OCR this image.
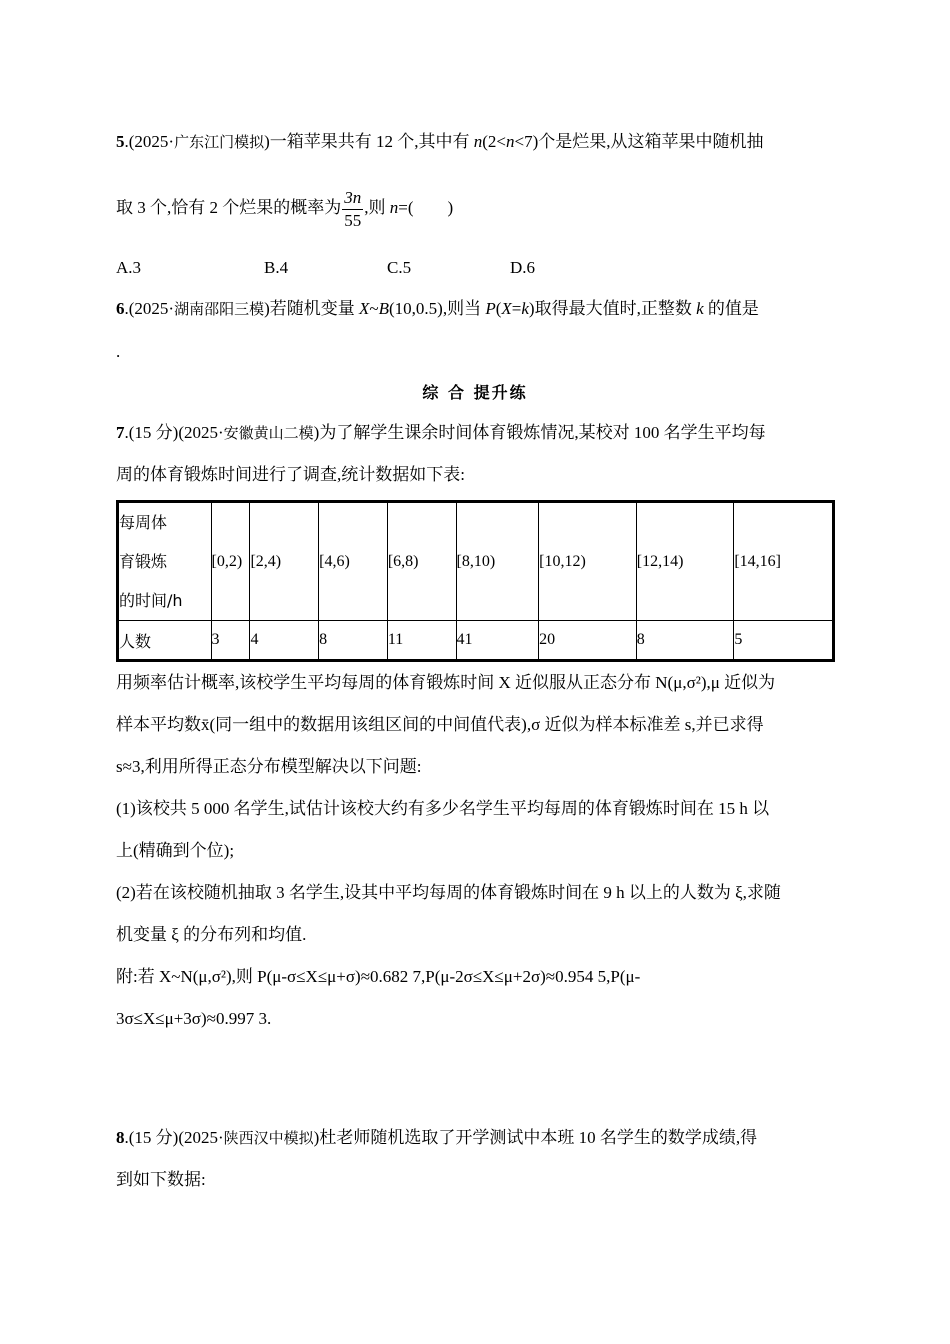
5.(2025·广东江门模拟)一箱苹果共有 12 个,其中有 n(2<n<7)个是烂果,从这箱苹果中随机抽
取 3 个,恰有 2 个烂果的概率为 $\frac{3n}{55}$ ,则 n=(　　)
A.3	B.4	C.5	D.6
6.(2025·湖南邵阳三模)若随机变量 X~B(10,0.5),则当 P(X=k)取得最大值时,正整数 k 的值是
.
综 合 提升练
7.(15 分)(2025·安徽黄山二模)为了解学生课余时间体育锻炼情况,某校对 100 名学生平均每
周的体育锻炼时间进行了调查,统计数据如下表:
每周体
育锻炼
的时间/h	[0,2)	[2,4)	[4,6)	[6,8)	[8,10)	[10,12)	[12,14)	[14,16]
人数	3	4	8	11	41	20	8	5
用频率估计概率,该校学生平均每周的体育锻炼时间 X 近似服从正态分布 N(μ,σ²),μ 近似为
样本平均数x̄(同一组中的数据用该组区间的中间值代表),σ 近似为样本标准差 s,并已求得
s≈3,利用所得正态分布模型解决以下问题:
(1)该校共 5 000 名学生,试估计该校大约有多少名学生平均每周的体育锻炼时间在 15 h 以
上(精确到个位);
(2)若在该校随机抽取 3 名学生,设其中平均每周的体育锻炼时间在 9 h 以上的人数为 ξ,求随
机变量 ξ 的分布列和均值.
附:若 X~N(μ,σ²),则 P(μ-σ≤X≤μ+σ)≈0.682 7,P(μ-2σ≤X≤μ+2σ)≈0.954 5,P(μ-
3σ≤X≤μ+3σ)≈0.997 3.
8.(15 分)(2025·陕西汉中模拟)杜老师随机选取了开学测试中本班 10 名学生的数学成绩,得
到如下数据:
